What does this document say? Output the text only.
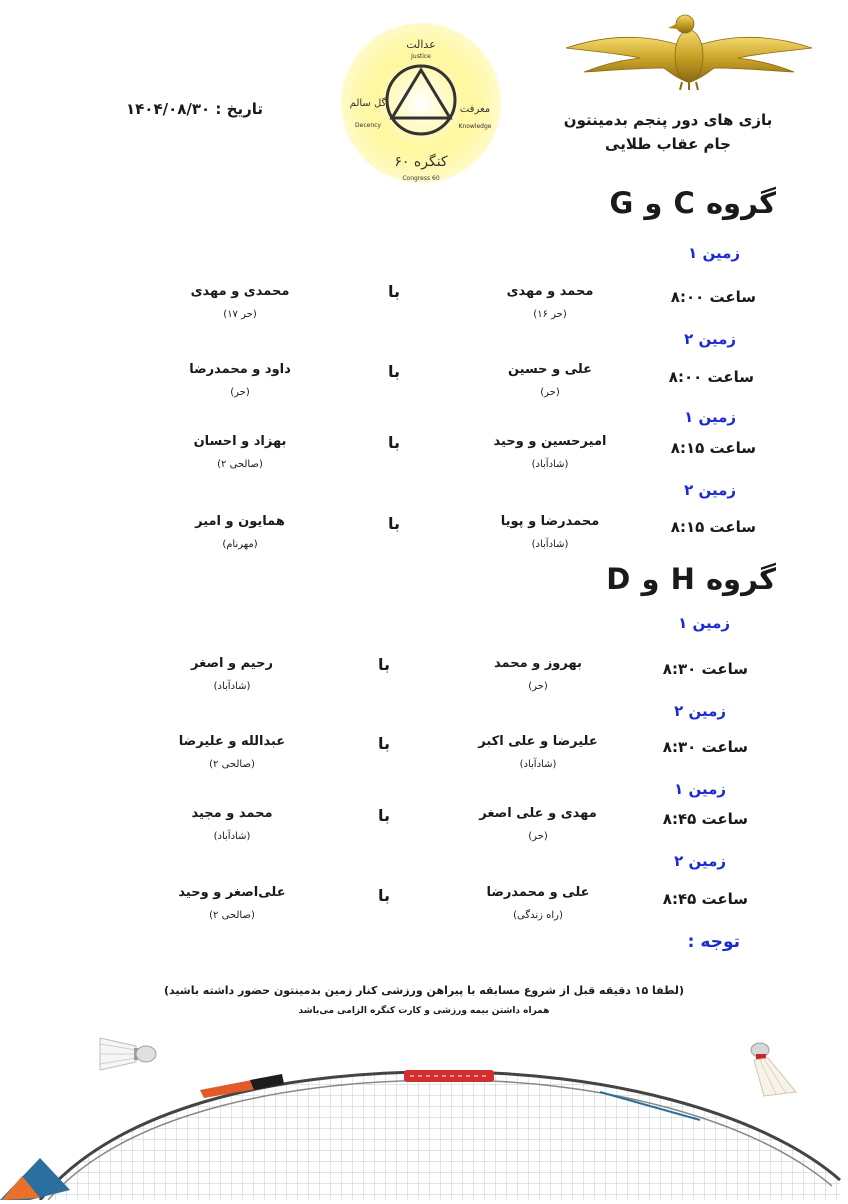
عدالت
Justice
گل سالم
Decency
معرفت
Knowledge
کنگره ۶۰
Congress 60
تاریخ : ۱۴۰۴/۰۸/۳۰
بازی های دور پنجم بدمینتون
جام عقاب طلایی
گروه C و G
زمین ۱
ساعت ۸:۰۰
محمد و مهدی
(حر ۱۶)
با
محمدی و مهدی
(حر ۱۷)
زمین ۲
ساعت ۸:۰۰
علی و حسین
(حر)
با
داود و محمدرضا
(حر)
زمین ۱
ساعت ۸:۱۵
امیرحسین و وحید
(شادآباد)
با
بهزاد و احسان
(صالحی ۲)
زمین ۲
ساعت ۸:۱۵
محمدرضا و پویا
(شادآباد)
با
همایون و امیر
(مهرنام)
گروه H و D
زمین ۱
ساعت ۸:۳۰
بهروز و محمد
(حر)
با
رحیم و اصغر
(شادآباد)
زمین ۲
ساعت ۸:۳۰
علیرضا و علی اکبر
(شادآباد)
با
عبدالله و علیرضا
(صالحی ۲)
زمین ۱
ساعت ۸:۴۵
مهدی و علی اصغر
(حر)
با
محمد و مجید
(شادآباد)
زمین ۲
ساعت ۸:۴۵
علی و محمدرضا
(راه زندگی)
با
علی‌اصغر و وحید
(صالحی ۲)
توجه :
(لطفا ۱۵ دقیقه قبل از شروع مسابقه با پیراهن ورزشی کنار زمین بدمینتون حضور داشته باشید)
همراه داشتن بیمه ورزشی و کارت کنگره الزامی می‌باشد
